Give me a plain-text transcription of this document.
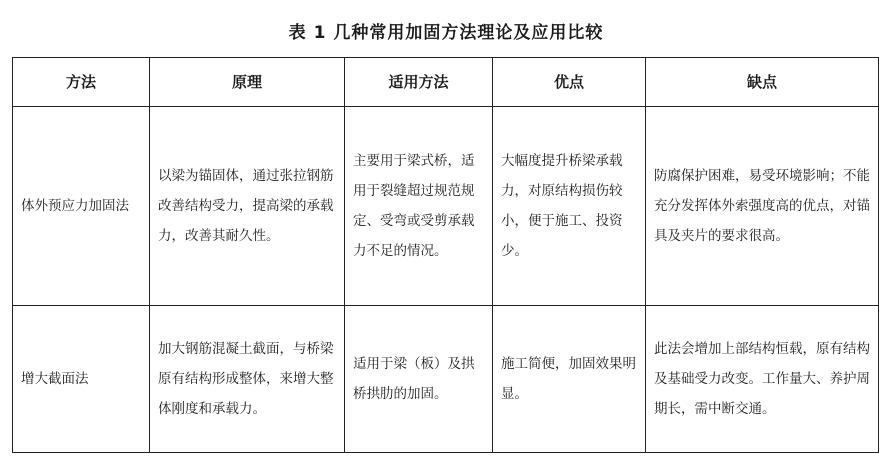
表 1 几种常用加固方法理论及应用比较
方法	原理	适用方法	优点	缺点
体外预应力加固法	以梁为锚固体，通过张拉钢筋改善结构受力，提高梁的承载力，改善其耐久性。	主要用于梁式桥，适用于裂缝超过规范规定、受弯或受剪承载力不足的情况。	大幅度提升桥梁承载力，对原结构损伤较小，便于施工、投资少。	防腐保护困难，易受环境影响；不能充分发挥体外索强度高的优点，对锚具及夹片的要求很高。
增大截面法	加大钢筋混凝土截面，与桥梁原有结构形成整体，来增大整体刚度和承载力。	适用于梁（板）及拱桥拱肋的加固。	施工简便，加固效果明显。	此法会增加上部结构恒载，原有结构及基础受力改变。工作量大、养护周期长，需中断交通。
